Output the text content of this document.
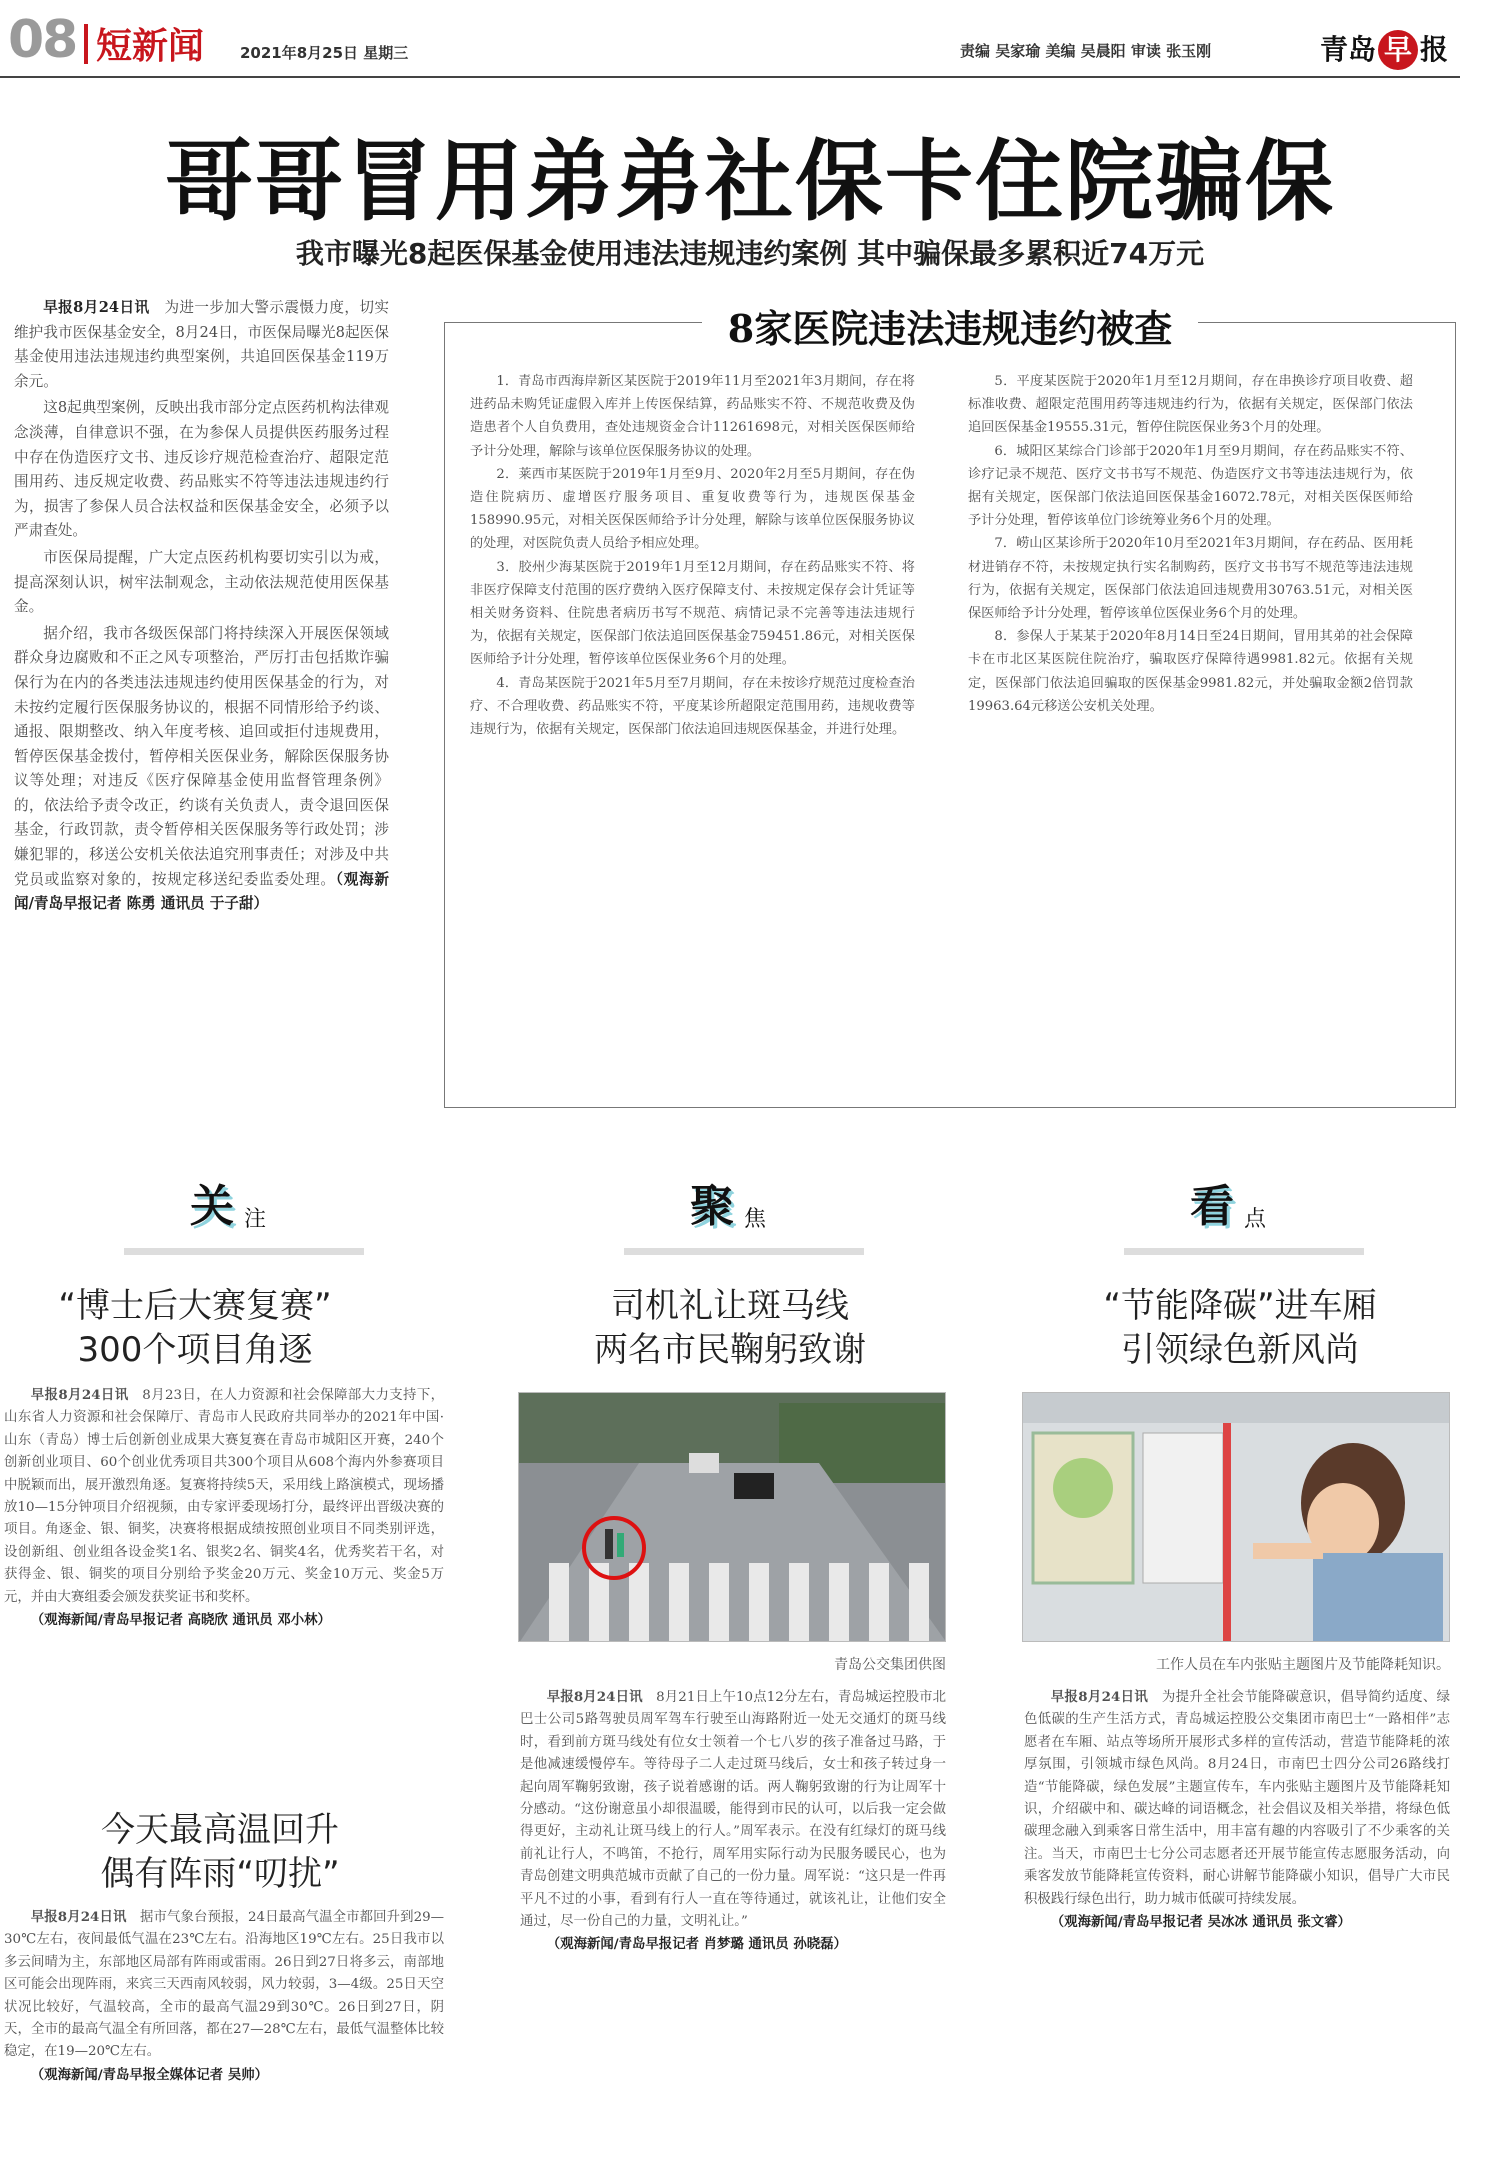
08 短新闻 2021年8月25日 星期三	责编 吴家瑜 美编 吴晨阳 审读 张玉刚	青岛 早 报
哥哥冒用弟弟社保卡住院骗保
我市曝光8起医保基金使用违法违规违约案例 其中骗保最多累积近74万元

早报8月24日讯　 为进一步加大警示震慑力度，切实维护我市医保基金安全，8月24日，市医保局曝光8起医保基金使用违法违规违约典型案例，共追回医保基金119万余元。

这8起典型案例，反映出我市部分定点医药机构法律观念淡薄，自律意识不强，在为参保人员提供医药服务过程中存在伪造医疗文书、违反诊疗规范检查治疗、超限定范围用药、违反规定收费、药品账实不符等违法违规违约行为，损害了参保人员合法权益和医保基金安全，必须予以严肃查处。

市医保局提醒，广大定点医药机构要切实引以为戒，提高深刻认识，树牢法制观念，主动依法规范使用医保基金。

据介绍，我市各级医保部门将持续深入开展医保领域群众身边腐败和不正之风专项整治，严厉打击包括欺诈骗保行为在内的各类违法违规违约使用医保基金的行为，对未按约定履行医保服务协议的，根据不同情形给予约谈、通报、限期整改、纳入年度考核、追回或拒付违规费用，暂停医保基金拨付，暂停相关医保业务，解除医保服务协议等处理；对违反《医疗保障基金使用监督管理条例》的，依法给予责令改正，约谈有关负责人，责令退回医保基金，行政罚款，责令暂停相关医保服务等行政处罚；涉嫌犯罪的，移送公安机关依法追究刑事责任；对涉及中共党员或监察对象的，按规定移送纪委监委处理。（观海新闻/青岛早报记者 陈勇 通讯员 于子甜）

8家医院违法违规违约被查

1．青岛市西海岸新区某医院于2019年11月至2021年3月期间，存在将进药品未购凭证虚假入库并上传医保结算，药品账实不符、不规范收费及伪造患者个人自负费用，查处违规资金合计11261698元，对相关医保医师给予计分处理，解除与该单位医保服务协议的处理。

2．莱西市某医院于2019年1月至9月、2020年2月至5月期间，存在伪造住院病历、虚增医疗服务项目、重复收费等行为，违规医保基金158990.95元，对相关医保医师给予计分处理，解除与该单位医保服务协议的处理，对医院负责人员给予相应处理。

3．胶州少海某医院于2019年1月至12月期间，存在药品账实不符、将非医疗保障支付范围的医疗费纳入医疗保障支付、未按规定保存会计凭证等相关财务资料、住院患者病历书写不规范、病情记录不完善等违法违规行为，依据有关规定，医保部门依法追回医保基金759451.86元，对相关医保医师给予计分处理，暂停该单位医保业务6个月的处理。

4．青岛某医院于2021年5月至7月期间，存在未按诊疗规范过度检查治疗、不合理收费、药品账实不符，平度某诊所超限定范围用药，违规收费等违规行为，依据有关规定，医保部门依法追回违规医保基金，并进行处理。

5．平度某医院于2020年1月至12月期间，存在串换诊疗项目收费、超标准收费、超限定范围用药等违规违约行为，依据有关规定，医保部门依法追回医保基金19555.31元，暂停住院医保业务3个月的处理。

6．城阳区某综合门诊部于2020年1月至9月期间，存在药品账实不符、诊疗记录不规范、医疗文书书写不规范、伪造医疗文书等违法违规行为，依据有关规定，医保部门依法追回医保基金16072.78元，对相关医保医师给予计分处理，暂停该单位门诊统筹业务6个月的处理。

7．崂山区某诊所于2020年10月至2021年3月期间，存在药品、医用耗材进销存不符，未按规定执行实名制购药，医疗文书书写不规范等违法违规行为，依据有关规定，医保部门依法追回违规费用30763.51元，对相关医保医师给予计分处理，暂停该单位医保业务6个月的处理。

8．参保人于某某于2020年8月14日至24日期间，冒用其弟的社会保障卡在市北区某医院住院治疗，骗取医疗保障待遇9981.82元。依据有关规定，医保部门依法追回骗取的医保基金9981.82元，并处骗取金额2倍罚款19963.64元移送公安机关处理。

关 注
“博士后大赛复赛”
300个项目角逐

早报8月24日讯　 8月23日，在人力资源和社会保障部大力支持下，山东省人力资源和社会保障厅、青岛市人民政府共同举办的2021年中国·山东（青岛）博士后创新创业成果大赛复赛在青岛市城阳区开赛，240个创新创业项目、60个创业优秀项目共300个项目从608个海内外参赛项目中脱颖而出，展开激烈角逐。复赛将持续5天，采用线上路演模式，现场播放10—15分钟项目介绍视频，由专家评委现场打分，最终评出晋级决赛的项目。角逐金、银、铜奖，决赛将根据成绩按照创业项目不同类别评选，设创新组、创业组各设金奖1名、银奖2名、铜奖4名，优秀奖若干名，对获得金、银、铜奖的项目分别给予奖金20万元、奖金10万元、奖金5万元，并由大赛组委会颁发获奖证书和奖杯。

（观海新闻/青岛早报记者 高晓欣 通讯员 邓小林）

今天最高温回升
偶有阵雨“叨扰”

早报8月24日讯　 据市气象台预报，24日最高气温全市都回升到29—30℃左右，夜间最低气温在23℃左右。沿海地区19℃左右。25日我市以多云间晴为主，东部地区局部有阵雨或雷雨。26日到27日将多云，南部地区可能会出现阵雨，来宾三天西南风较弱，风力较弱，3—4级。25日天空状况比较好，气温较高，全市的最高气温29到30℃。26日到27日，阴天，全市的最高气温全有所回落，都在27—28℃左右，最低气温整体比较稳定，在19—20℃左右。

（观海新闻/青岛早报全媒体记者 吴帅）

聚 焦
司机礼让斑马线
两名市民鞠躬致谢
青岛公交集团供图

早报8月24日讯　 8月21日上午10点12分左右，青岛城运控股市北巴士公司5路驾驶员周军驾车行驶至山海路附近一处无交通灯的斑马线时，看到前方斑马线处有位女士领着一个七八岁的孩子准备过马路，于是他减速缓慢停车。等待母子二人走过斑马线后，女士和孩子转过身一起向周军鞠躬致谢，孩子说着感谢的话。两人鞠躬致谢的行为让周军十分感动。“这份谢意虽小却很温暖，能得到市民的认可，以后我一定会做得更好，主动礼让斑马线上的行人。”周军表示。在没有红绿灯的斑马线前礼让行人，不鸣笛，不抢行，周军用实际行动为民服务暖民心，也为青岛创建文明典范城市贡献了自己的一份力量。周军说：“这只是一件再平凡不过的小事，看到有行人一直在等待通过，就该礼让，让他们安全通过，尽一份自己的力量，文明礼让。”

（观海新闻/青岛早报记者 肖梦璐 通讯员 孙晓磊）

看 点
“节能降碳”进车厢
引领绿色新风尚
工作人员在车内张贴主题图片及节能降耗知识。

早报8月24日讯　 为提升全社会节能降碳意识，倡导简约适度、绿色低碳的生产生活方式，青岛城运控股公交集团市南巴士“一路相伴”志愿者在车厢、站点等场所开展形式多样的宣传活动，营造节能降耗的浓厚氛围，引领城市绿色风尚。8月24日，市南巴士四分公司26路线打造“节能降碳，绿色发展”主题宣传车，车内张贴主题图片及节能降耗知识，介绍碳中和、碳达峰的词语概念，社会倡议及相关举措，将绿色低碳理念融入到乘客日常生活中，用丰富有趣的内容吸引了不少乘客的关注。当天，市南巴士七分公司志愿者还开展节能宣传志愿服务活动，向乘客发放节能降耗宣传资料，耐心讲解节能降碳小知识，倡导广大市民积极践行绿色出行，助力城市低碳可持续发展。

（观海新闻/青岛早报记者 吴冰冰 通讯员 张文睿）
